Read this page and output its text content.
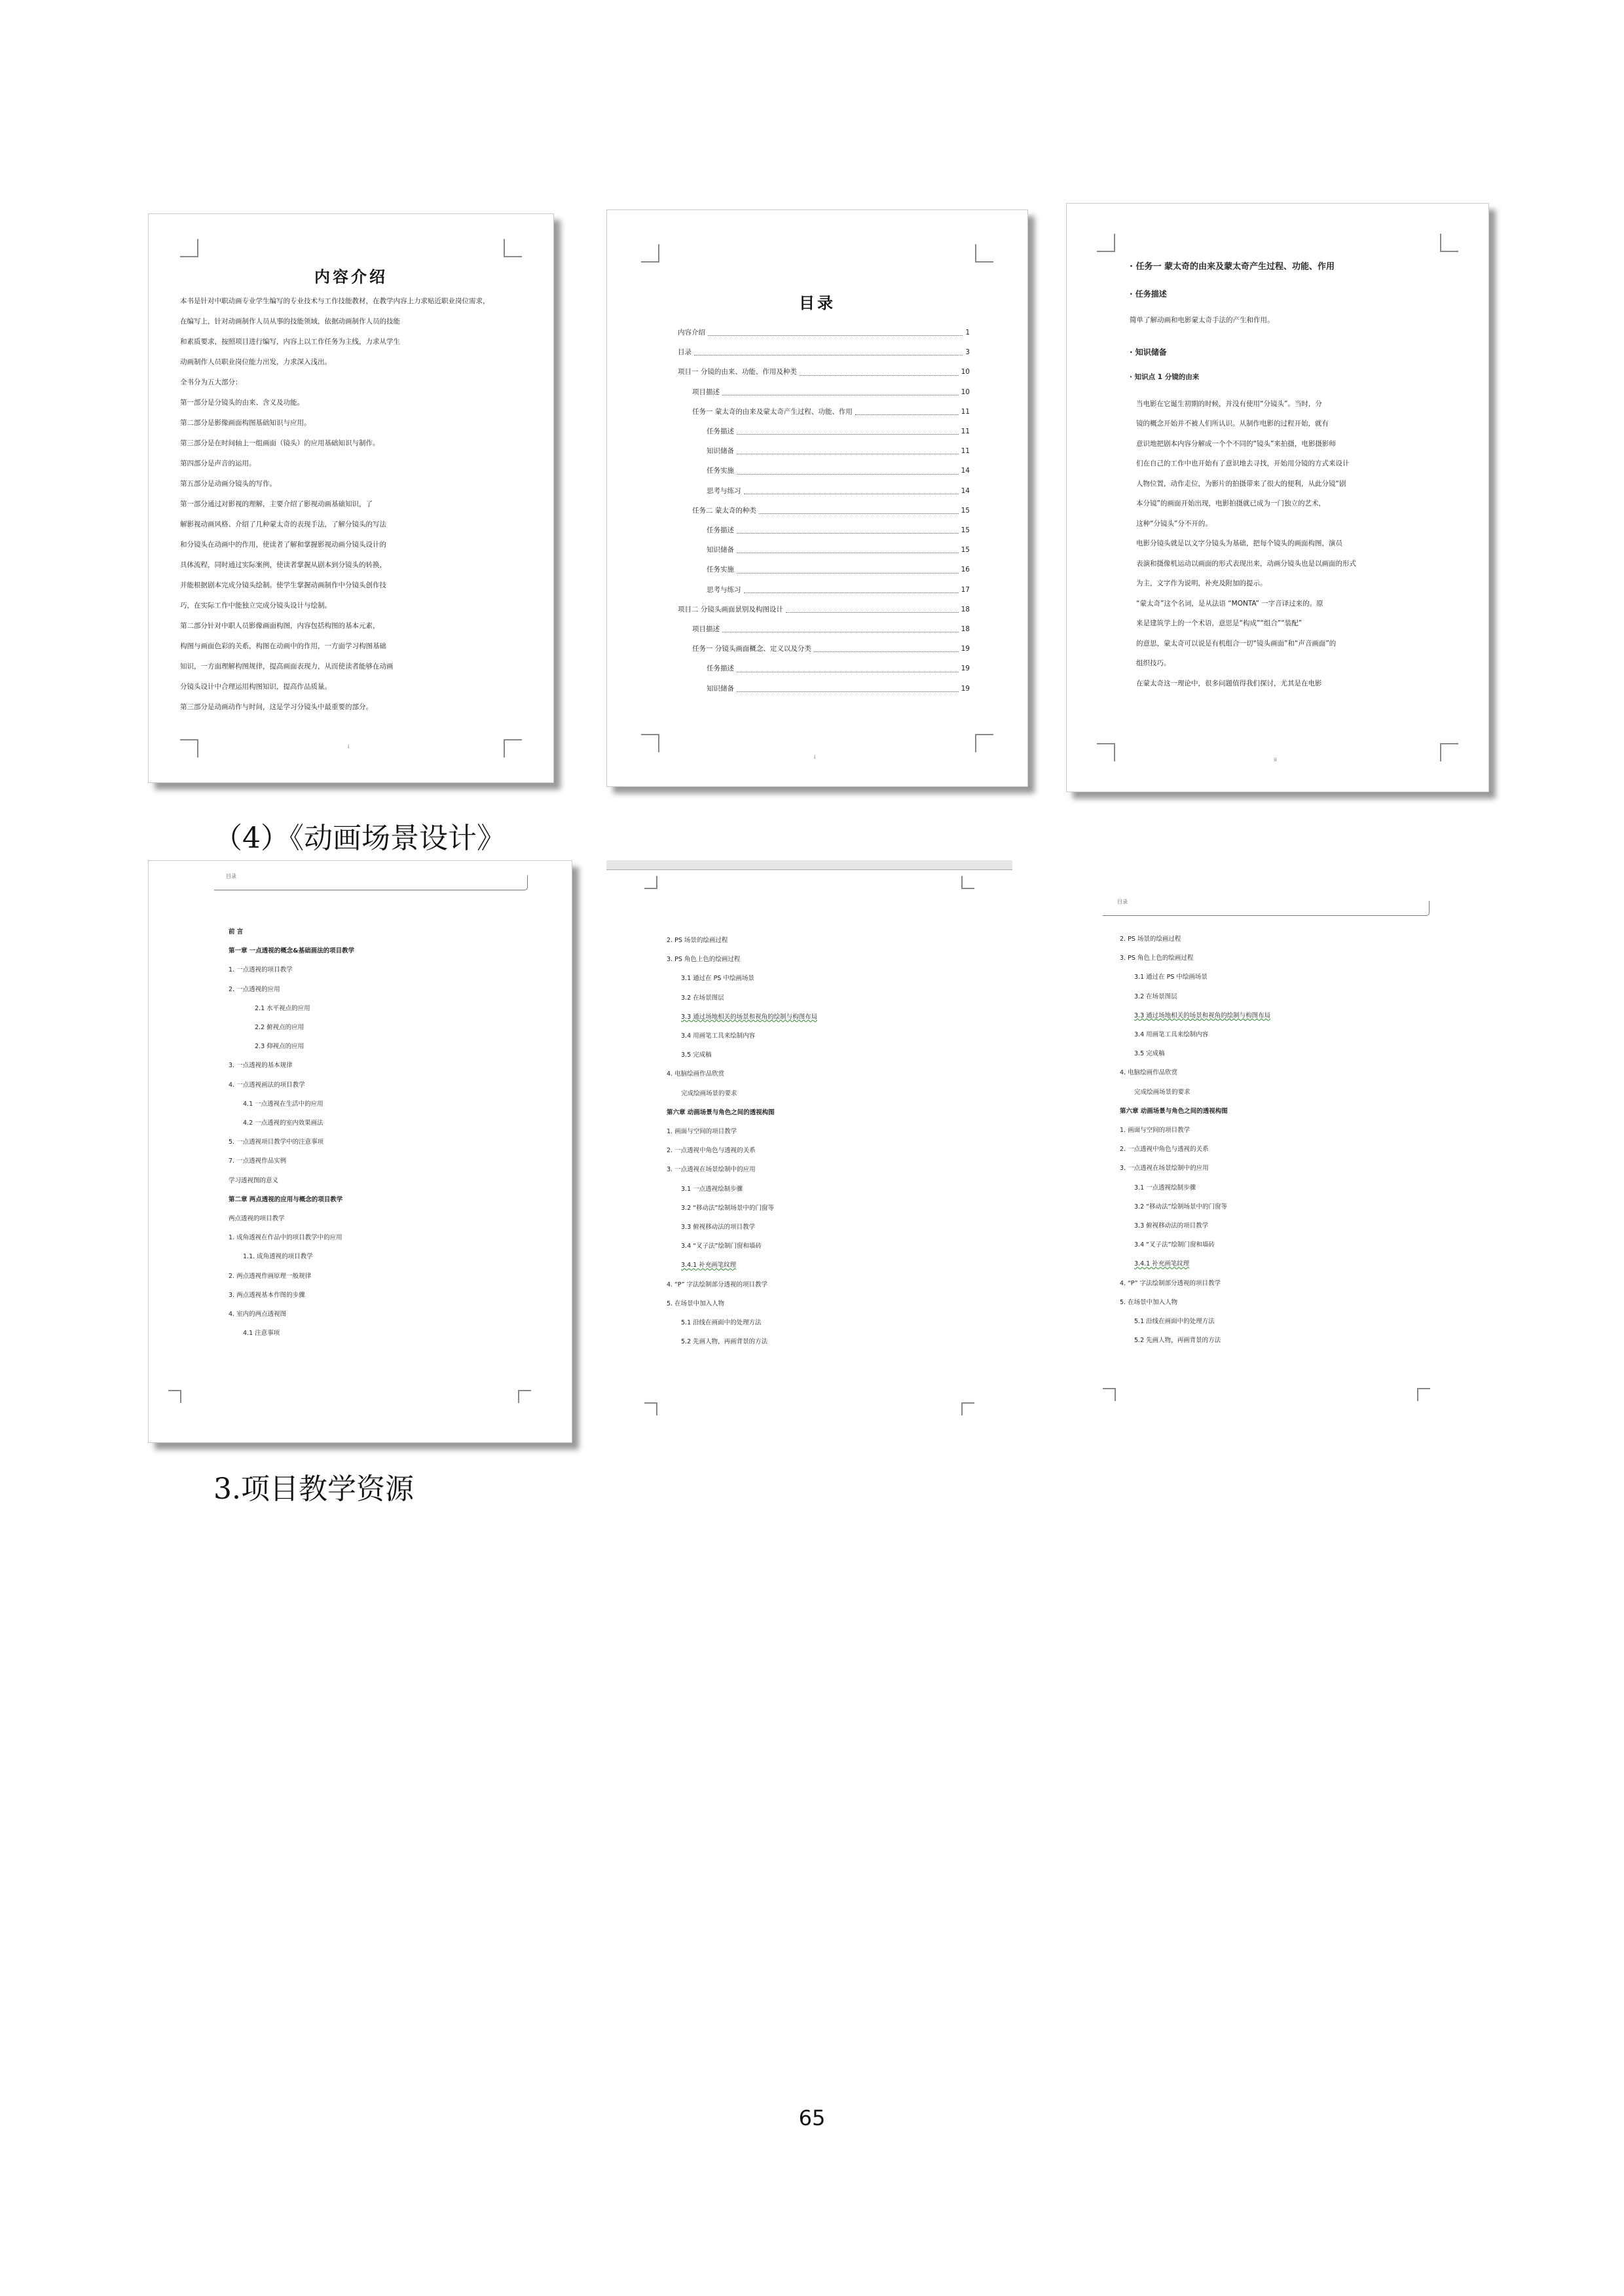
内容介绍

本书是针对中职动画专业学生编写的专业技术与工作技能教材，在教学内容上力求贴近职业岗位需求，

在编写上，针对动画制作人员从事的技能领域，依据动画制作人员的技能

和素质要求，按照项目进行编写，内容上以工作任务为主线，力求从学生

动画制作人员职业岗位能力出发，力求深入浅出。

全书分为五大部分：

第一部分是分镜头的由来、含义及功能。

第二部分是影像画面构图基础知识与应用。

第三部分是在时间轴上一组画面（镜头）的应用基础知识与制作。

第四部分是声音的运用。

第五部分是动画分镜头的写作。

第一部分通过对影视的理解，主要介绍了影视动画基础知识，了

解影视动画风格、介绍了几种蒙太奇的表现手法，了解分镜头的写法

和分镜头在动画中的作用，使读者了解和掌握影视动画分镜头设计的

具体流程，同时通过实际案例，使读者掌握从剧本到分镜头的转换，

并能根据剧本完成分镜头绘制。使学生掌握动画制作中分镜头创作技

巧，在实际工作中能独立完成分镜头设计与绘制。

第二部分针对中职人员影像画面构图，内容包括构图的基本元素，

构图与画面色彩的关系，构图在动画中的作用，一方面学习构图基础

知识，一方面理解构图规律，提高画面表现力，从而使读者能够在动画

分镜头设计中合理运用构图知识，提高作品质量。

第三部分是动画动作与时间，这是学习分镜头中最重要的部分。

i
目录
内容介绍	1
目录	3
项目一 分镜的由来、功能、作用及种类	10
项目描述	10
任务一 蒙太奇的由来及蒙太奇产生过程、功能、作用	11
任务描述	11
知识储备	11
任务实施	14
思考与练习	14
任务二 蒙太奇的种类	15
任务描述	15
知识储备	15
任务实施	16
思考与练习	17
项目二 分镜头画面景别及构图设计	18
项目描述	18
任务一 分镜头画面概念、定义以及分类	19
任务描述	19
知识储备	19
i

· 任务一 蒙太奇的由来及蒙太奇产生过程、功能、作用

· 任务描述

简单了解动画和电影蒙太奇手法的产生和作用。

· 知识储备

· 知识点 1 分镜的由来

当电影在它诞生初期的时候，并没有使用“分镜头”。当时，分

镜的概念开始并不被人们所认识。从制作电影的过程开始，就有

意识地把剧本内容分解成一个个不同的“镜头”来拍摄，电影摄影师

们在自己的工作中也开始有了意识地去寻找，开始用分镜的方式来设计

人物位置，动作走位，为影片的拍摄带来了很大的便利，从此分镜“剧

本分镜”的画面开始出现，电影拍摄就已成为一门独立的艺术，

这种“分镜头”分不开的。

电影分镜头就是以文字分镜头为基础，把每个镜头的画面构图，演员

表演和摄像机运动以画面的形式表现出来，动画分镜头也是以画面的形式

为主，文字作为说明，补充及附加的提示。

“蒙太奇”这个名词，是从法语 “MONTA” 一字音译过来的。原

来是建筑学上的一个术语，意思是“构成”“组合”“装配”

的意思，蒙太奇可以说是有机组合一切“镜头画面”和“声音画面”的

组织技巧。

在蒙太奇这一理论中，很多问题值得我们探讨，尤其是在电影

ii
（4）《动画场景设计》
目录
前 言
第一章 一点透视的概念&基础画法的项目教学
1. 一点透视的项目教学
2. 一点透视的应用
2.1 水平视点的应用
2.2 俯视点的应用
2.3 仰视点的应用
3. 一点透视的基本规律
4. 一点透视画法的项目教学
4.1 一点透视在生活中的应用
4.2 一点透视的室内效果画法
5. 一点透视项目教学中的注意事项
7. 一点透视作品实例
学习透视图的意义
第二章 两点透视的应用与概念的项目教学
两点透视的项目教学
1. 成角透视在作品中的项目教学中的应用
1.1. 成角透视的项目教学
2. 两点透视作画原理一般规律
3. 两点透视基本作图的步骤
4. 室内的两点透视图
4.1 注意事项
2. PS 场景的绘画过程
3. PS 角色上色的绘画过程
3.1 通过在 PS 中绘画场景
3.2 在场景图层
3.3 通过场地相关的场景和视角的绘制与构图布局
3.4 用画笔工具来绘制内容
3.5 完成稿
4. 电脑绘画作品欣赏
完成绘画场景的要求
第六章 动画场景与角色之间的透视构图
1. 画面与空间的项目教学
2. 一点透视中角色与透视的关系
3. 一点透视在场景绘制中的应用
3.1 一点透视绘制步骤
3.2 “移动法”绘制场景中的门窗等
3.3 俯视移动法的项目教学
3.4 “叉子法”绘制门窗和墙砖
3.4.1 补充画笔纹理
4. “P” 字法绘制部分透视的项目教学
5. 在场景中加入人物
5.1 沿线在画面中的处理方法
5.2 先画人物，再画背景的方法
目录
2. PS 场景的绘画过程
3. PS 角色上色的绘画过程
3.1 通过在 PS 中绘画场景
3.2 在场景图层
3.3 通过场地相关的场景和视角的绘制与构图布局
3.4 用画笔工具来绘制内容
3.5 完成稿
4. 电脑绘画作品欣赏
完成绘画场景的要求
第六章 动画场景与角色之间的透视构图
1. 画面与空间的项目教学
2. 一点透视中角色与透视的关系
3. 一点透视在场景绘制中的应用
3.1 一点透视绘制步骤
3.2 “移动法”绘制场景中的门窗等
3.3 俯视移动法的项目教学
3.4 “叉子法”绘制门窗和墙砖
3.4.1 补充画笔纹理
4. “P” 字法绘制部分透视的项目教学
5. 在场景中加入人物
5.1 沿线在画面中的处理方法
5.2 先画人物，再画背景的方法
3.项目教学资源
65
